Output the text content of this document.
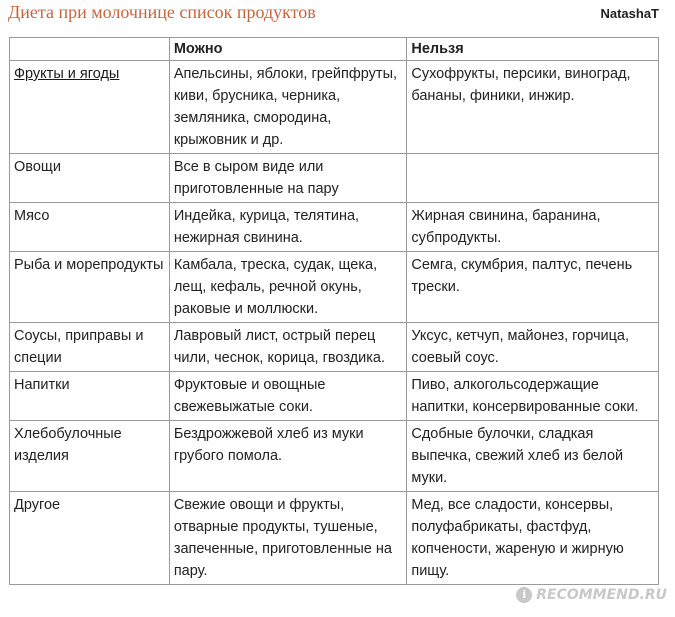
Диета при молочнице список продуктов	NatashaT
	Можно	Нельзя

Фрукты и ягоды	Апельсины, яблоки, грейпфруты, киви, брусника, черника, земляника, смородина, крыжовник и др.	Сухофрукты, персики, виноград, бананы, финики, инжир.

Овощи	Все в сыром виде или приготовленные на пару	

Мясо	Индейка, курица, телятина, нежирная свинина.	Жирная свинина, баранина, субпродукты.

Рыба и морепродукты	Камбала, треска, судак, щека, лещ, кефаль, речной окунь, раковые и моллюски.	Семга, скумбрия, палтус, печень трески.

Соусы, приправы и специи	Лавровый лист, острый перец чили, чеснок, корица, гвоздика.	Уксус, кетчуп, майонез, горчица, соевый соус.

Напитки	Фруктовые и овощные свежевыжатые соки.	Пиво, алкогольсодержащие напитки, консервированные соки.

Хлебобулочные изделия	Бездрожжевой хлеб из муки грубого помола.	Сдобные булочки, сладкая выпечка, свежий хлеб из белой муки.

Другое	Свежие овощи и фрукты, отварные продукты, тушеные, запеченные, приготовленные на пару.	Мед, все сладости, консервы, полуфабрикаты, фастфуд, копчености, жареную и жирную пищу.
i RECOMMEND.RU
